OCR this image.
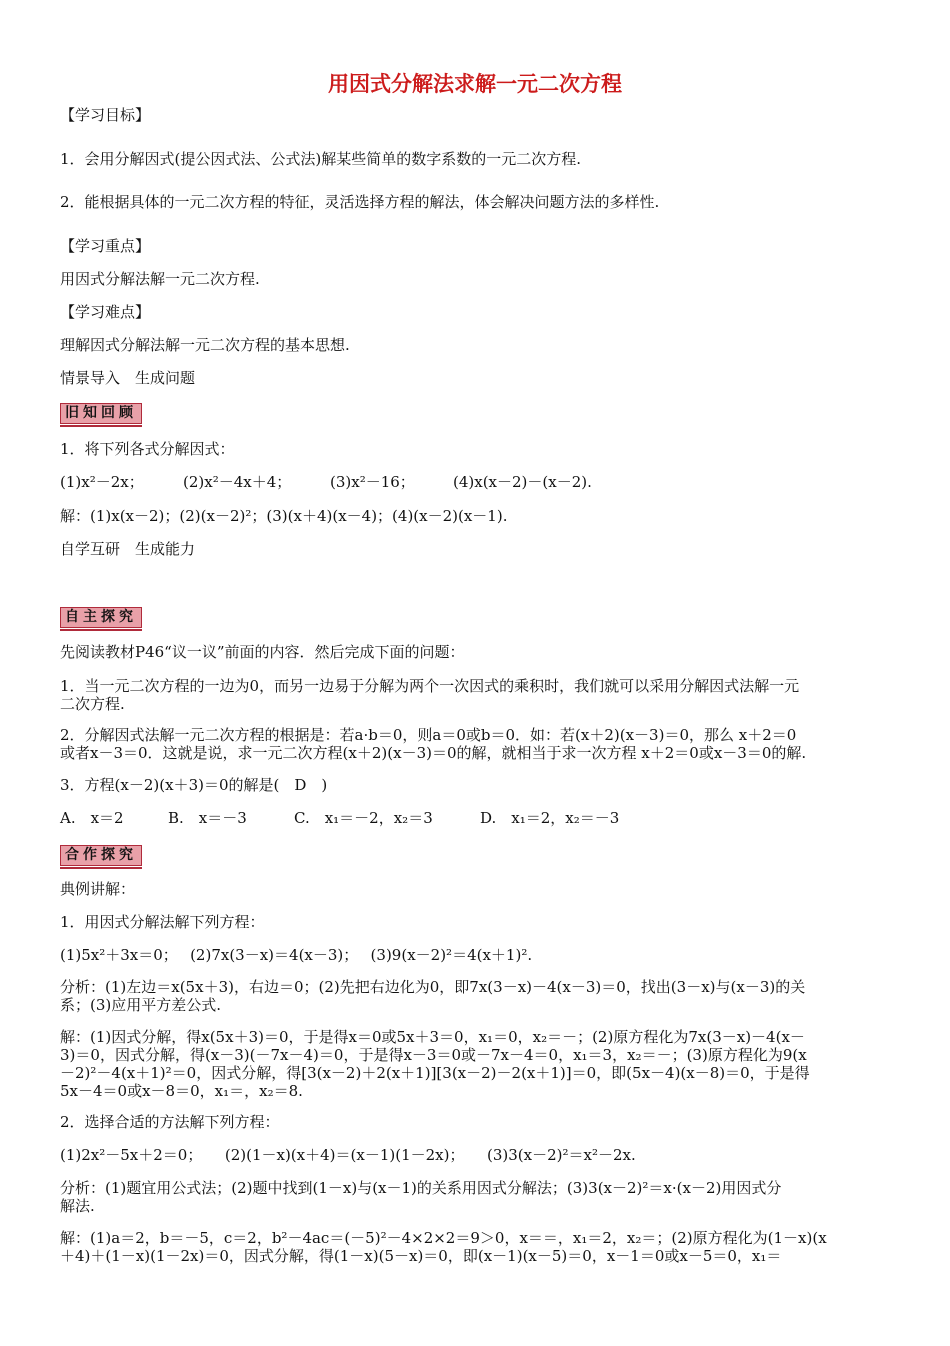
用因式分解法求解一元二次方程
【学习目标】
1．会用分解因式(提公因式法、公式法)解某些简单的数字系数的一元二次方程.
2．能根据具体的一元二次方程的特征，灵活选择方程的解法，体会解决问题方法的多样性.
【学习重点】
用因式分解法解一元二次方程.
【学习难点】
理解因式分解法解一元二次方程的基本思想.
情景导入　生成问题
旧知回顾
1．将下列各式分解因式：
(1)x²－2x；	(2)x²－4x＋4；	(3)x²－16；	(4)x(x－2)－(x－2).
解：(1)x(x－2)；(2)(x－2)²；(3)(x＋4)(x－4)；(4)(x－2)(x－1).
自学互研　生成能力
自主探究
先阅读教材P46“议一议”前面的内容．然后完成下面的问题：
1．当一元二次方程的一边为0，而另一边易于分解为两个一次因式的乘积时，我们就可以采用分解因式法解一元
二次方程.
2．分解因式法解一元二次方程的根据是：若a·b＝0，则a＝0或b＝0．如：若(x＋2)(x－3)＝0，那么 x＋2＝0
或者x－3＝0．这就是说，求一元二次方程(x＋2)(x－3)＝0的解，就相当于求一次方程 x＋2＝0或x－3＝0的解.
3．方程(x－2)(x＋3)＝0的解是(　D　)
A.　x＝2	B.　x＝－3	C.　x₁＝－2，x₂＝3	D.　x₁＝2，x₂＝－3
合作探究
典例讲解：
1．用因式分解法解下列方程：
(1)5x²＋3x＝0；　 (2)7x(3－x)＝4(x－3)；　 (3)9(x－2)²＝4(x＋1)².
分析：(1)左边＝x(5x＋3)，右边＝0；(2)先把右边化为0，即7x(3－x)－4(x－3)＝0，找出(3－x)与(x－3)的关
系；(3)应用平方差公式.
解：(1)因式分解，得x(5x＋3)＝0，于是得x＝0或5x＋3＝0，x₁＝0，x₂＝－；(2)原方程化为7x(3－x)－4(x－
3)＝0，因式分解，得(x－3)(－7x－4)＝0，于是得x－3＝0或－7x－4＝0，x₁＝3，x₂＝－；(3)原方程化为9(x
－2)²－4(x＋1)²＝0，因式分解，得[3(x－2)＋2(x＋1)][3(x－2)－2(x＋1)]＝0，即(5x－4)(x－8)＝0，于是得
5x－4＝0或x－8＝0，x₁＝，x₂＝8.
2．选择合适的方法解下列方程：
(1)2x²－5x＋2＝0；　　(2)(1－x)(x＋4)＝(x－1)(1－2x)；　　(3)3(x－2)²＝x²－2x.
分析：(1)题宜用公式法；(2)题中找到(1－x)与(x－1)的关系用因式分解法；(3)3(x－2)²＝x·(x－2)用因式分
解法.
解：(1)a＝2，b＝－5，c＝2，b²－4ac＝(－5)²－4×2×2＝9＞0，x＝＝，x₁＝2，x₂＝；(2)原方程化为(1－x)(x
＋4)＋(1－x)(1－2x)＝0，因式分解，得(1－x)(5－x)＝0，即(x－1)(x－5)＝0，x－1＝0或x－5＝0，x₁＝
